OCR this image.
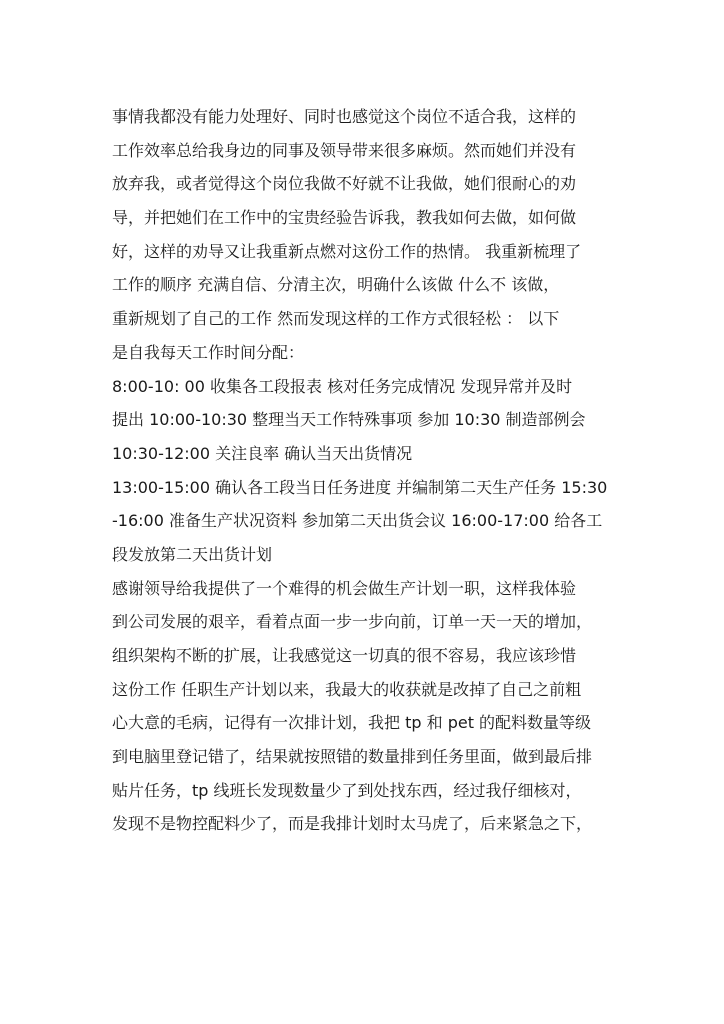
事情我都没有能力处理好、同时也感觉这个岗位不适合我，这样的
工作效率总给我身边的同事及领导带来很多麻烦。然而她们并没有
放弃我，或者觉得这个岗位我做不好就不让我做，她们很耐心的劝
导，并把她们在工作中的宝贵经验告诉我，教我如何去做，如何做
好，这样的劝导又让我重新点燃对这份工作的热情。 我重新梳理了
工作的顺序 充满自信、分清主次，明确什么该做 什么不 该做，
重新规划了自己的工作 然而发现这样的工作方式很轻松 ： 以下
是自我每天工作时间分配：
8:00-10: 00 收集各工段报表 核对任务完成情况 发现异常并及时
提出 10:00-10:30 整理当天工作特殊事项 参加 10:30 制造部例会
10:30-12:00 关注良率 确认当天出货情况
13:00-15:00 确认各工段当日任务进度 并编制第二天生产任务 15:30
-16:00 准备生产状况资料 参加第二天出货会议 16:00-17:00 给各工
段发放第二天出货计划
感谢领导给我提供了一个难得的机会做生产计划一职，这样我体验
到公司发展的艰辛，看着点面一步一步向前，订单一天一天的增加，
组织架构不断的扩展，让我感觉这一切真的很不容易，我应该珍惜
这份工作 任职生产计划以来，我最大的收获就是改掉了自己之前粗
心大意的毛病，记得有一次排计划，我把 tp 和 pet 的配料数量等级
到电脑里登记错了，结果就按照错的数量排到任务里面，做到最后排
贴片任务，tp 线班长发现数量少了到处找东西，经过我仔细核对，
发现不是物控配料少了，而是我排计划时太马虎了，后来紧急之下，
